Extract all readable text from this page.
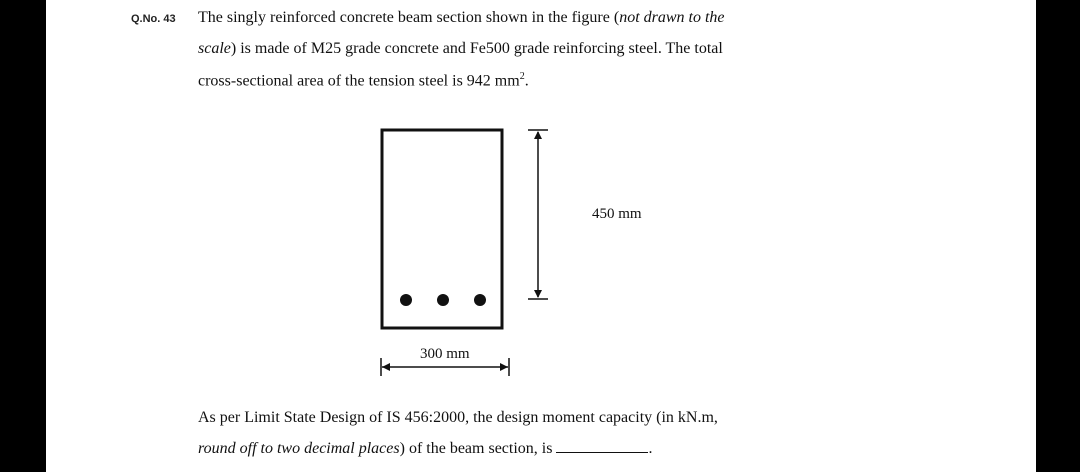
Q.No. 43 The singly reinforced concrete beam section shown in the figure (not drawn to the
scale) is made of M25 grade concrete and Fe500 grade reinforcing steel. The total
cross-sectional area of the tension steel is 942 $mm^2$.
450 mm
300 mm
As per Limit State Design of IS 456:2000, the design moment capacity (in kN.m,
round off to two decimal places) of the beam section, is	.
